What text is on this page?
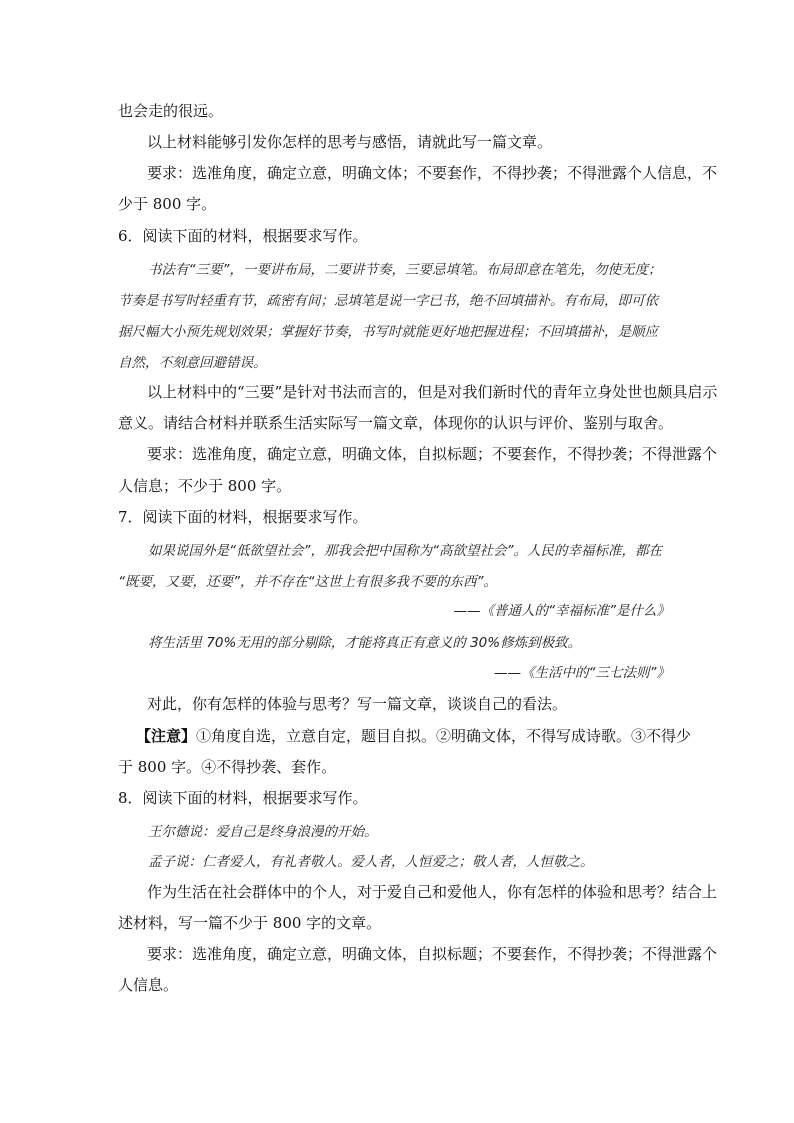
也会走的很远。
以上材料能够引发你怎样的思考与感悟，请就此写一篇文章。
要求：选准角度，确定立意，明确文体；不要套作，不得抄袭；不得泄露个人信息，不
少于 800 字。
6．阅读下面的材料，根据要求写作。
书法有“三要”，一要讲布局，二要讲节奏，三要忌填笔。布局即意在笔先，勿使无度；
节奏是书写时轻重有节，疏密有间；忌填笔是说一字已书，绝不回填描补。有布局，即可依
据尺幅大小预先规划效果；掌握好节奏，书写时就能更好地把握进程；不回填描补，是顺应
自然，不刻意回避错误。
以上材料中的“三要”是针对书法而言的，但是对我们新时代的青年立身处世也颇具启示
意义。请结合材料并联系生活实际写一篇文章，体现你的认识与评价、鉴别与取舍。
要求：选准角度，确定立意，明确文体，自拟标题；不要套作，不得抄袭；不得泄露个
人信息；不少于 800 字。
7．阅读下面的材料，根据要求写作。
如果说国外是“低欲望社会”，那我会把中国称为“高欲望社会”。人民的幸福标准，都在
“既要，又要，还要”，并不存在“这世上有很多我不要的东西”。
——《普通人的“幸福标准”是什么》
将生活里 70%无用的部分剔除，才能将真正有意义的 30%修炼到极致。
——《生活中的“三七法则”》
对此，你有怎样的体验与思考？写一篇文章，谈谈自己的看法。
【注意】①角度自选，立意自定，题目自拟。②明确文体，不得写成诗歌。③不得少
于 800 字。④不得抄袭、套作。
8．阅读下面的材料，根据要求写作。
王尔德说：爱自己是终身浪漫的开始。
孟子说：仁者爱人，有礼者敬人。爱人者，人恒爱之；敬人者，人恒敬之。
作为生活在社会群体中的个人，对于爱自己和爱他人，你有怎样的体验和思考？结合上
述材料，写一篇不少于 800 字的文章。
要求：选准角度，确定立意，明确文体，自拟标题；不要套作，不得抄袭；不得泄露个
人信息。
